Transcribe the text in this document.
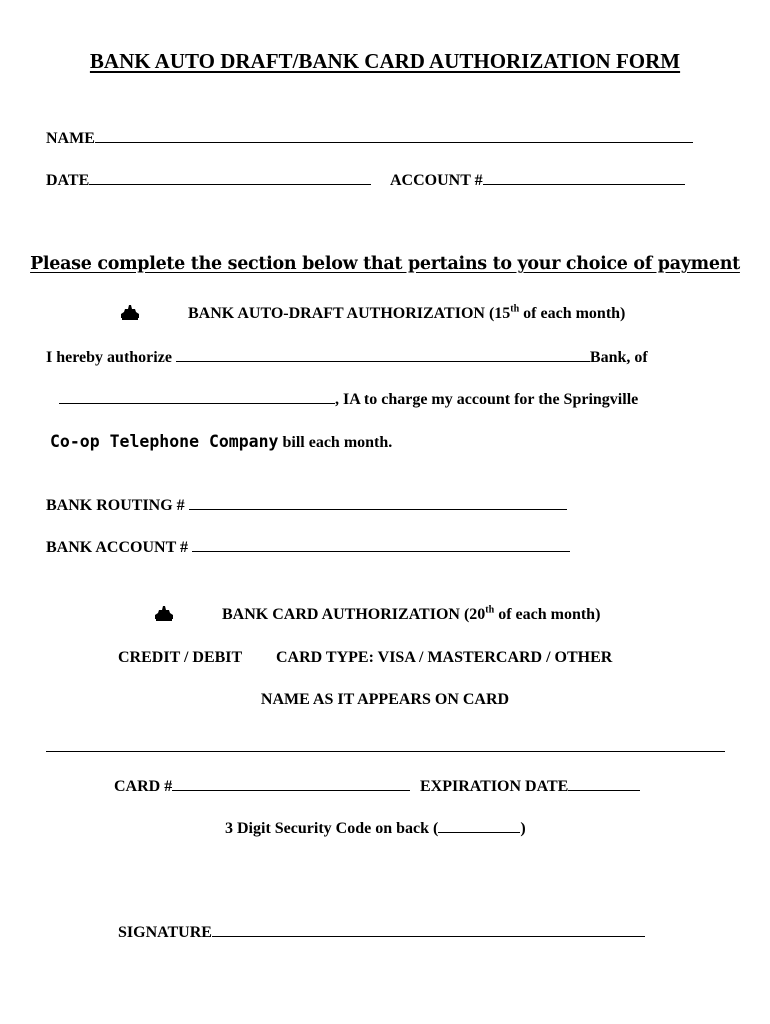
BANK AUTO DRAFT/BANK CARD AUTHORIZATION FORM
NAME
DATE	ACCOUNT #
Please complete the section below that pertains to your choice of payment
BANK AUTO-DRAFT AUTHORIZATION (15th of each month)
I hereby authorize	Bank, of
, IA to charge my account for the Springville
Co-op Telephone Company bill each month.
BANK ROUTING #
BANK ACCOUNT #
BANK CARD AUTHORIZATION (20th of each month)
CREDIT / DEBIT CARD TYPE: VISA / MASTERCARD / OTHER
NAME AS IT APPEARS ON CARD
CARD #	EXPIRATION DATE
3 Digit Security Code on back (	)
SIGNATURE
